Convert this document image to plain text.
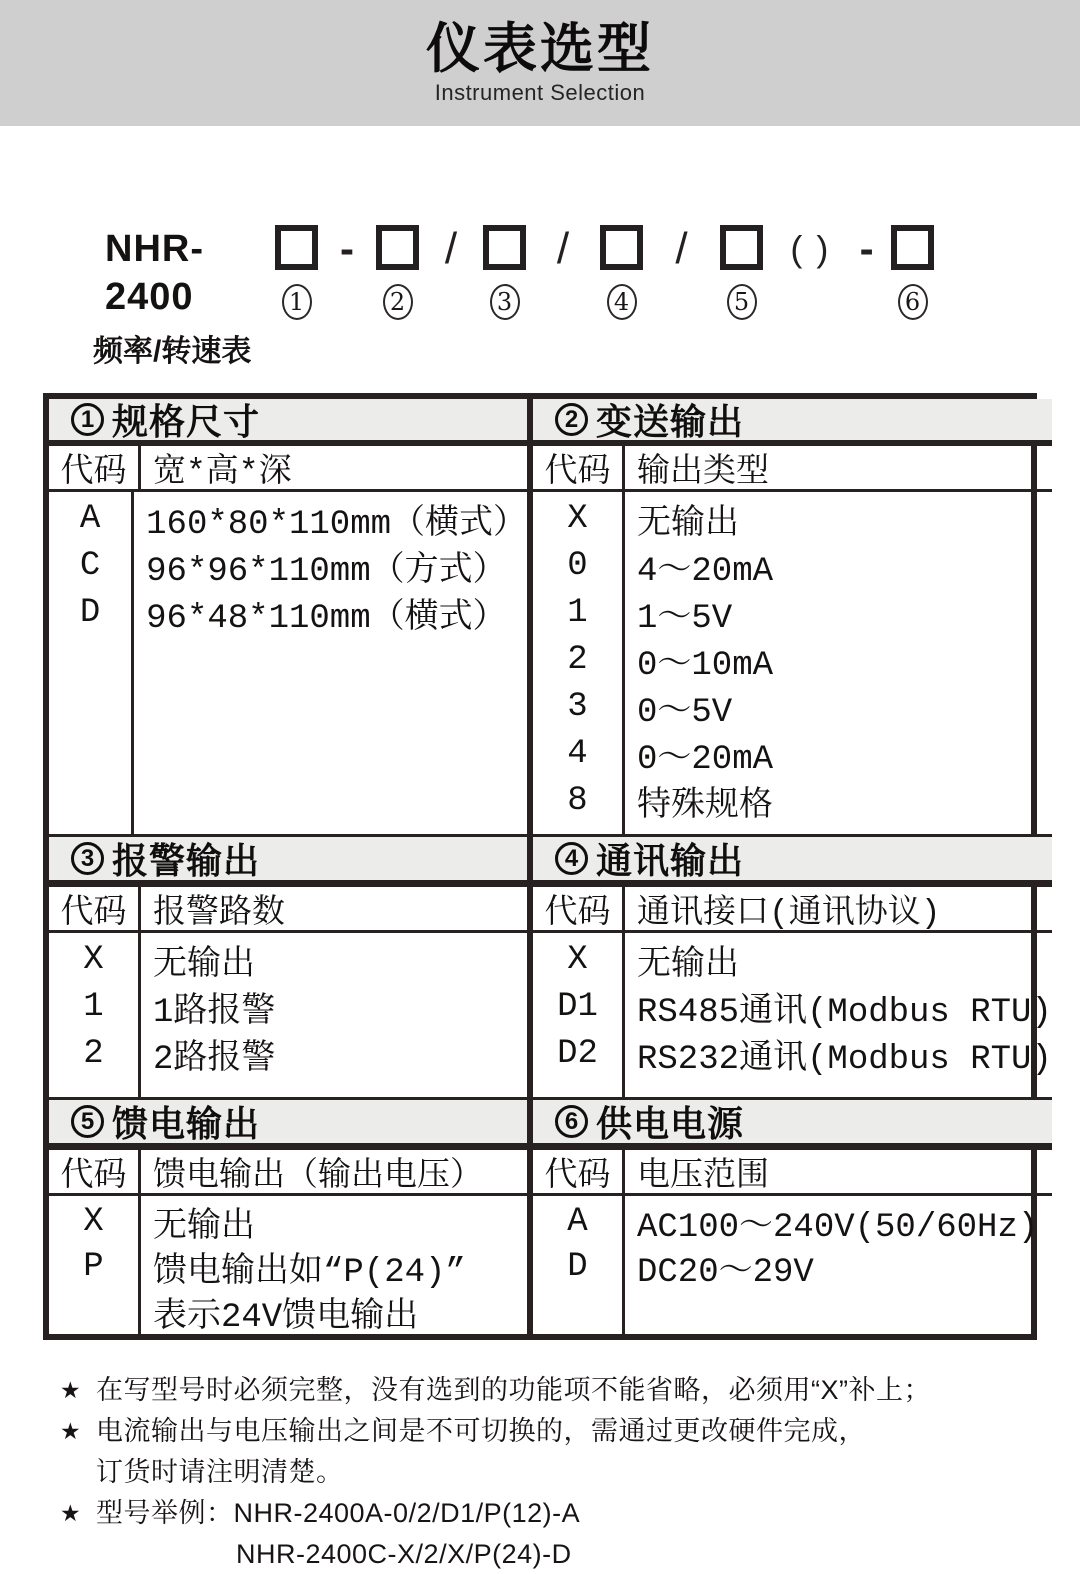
仪表选型
Instrument Selection
NHR-2400
频率/转速表
1
-
2
/
3
/
4
/
5
() -
6
1 规格尺寸
代码 宽*高*深
A
C
D
160*80*110mm（横式）
96*96*110mm（方式）
96*48*110mm（横式）
3 报警输出
代码 报警路数
X
1
2
无输出
1路报警
2路报警
5 馈电输出
代码 馈电输出（输出电压）
X
P
无输出
馈电输出如“P(24)”
表示24V馈电输出
2 变送输出
代码 输出类型
X
0
1
2
3
4
8
无输出
4～20mA
1～5V
0～10mA
0～5V
0～20mA
特殊规格
4 通讯输出
代码 通讯接口(通讯协议)
X
D1
D2
无输出
RS485通讯(Modbus RTU)
RS232通讯(Modbus RTU)
6 供电电源
代码 电压范围
A
D
AC100～240V(50/60Hz)
DC20～29V
★ 在写型号时必须完整，没有选到的功能项不能省略，必须用“X”补上；
★ 电流输出与电压输出之间是不可切换的，需通过更改硬件完成，
订货时请注明清楚。
★ 型号举例： NHR-2400A-0/2/D1/P(12)-A
NHR-2400C-X/2/X/P(24)-D
